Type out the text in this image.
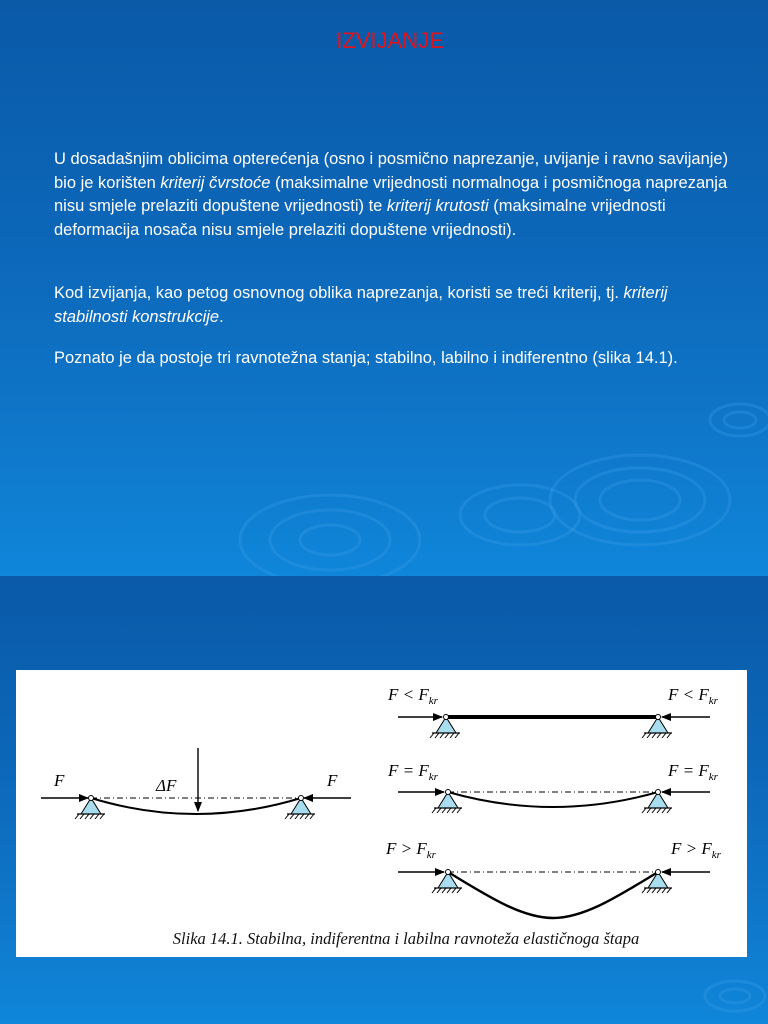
IZVIJANJE

U dosadašnjim oblicima opterećenja (osno i posmično naprezanje, uvijanje i ravno savijanje) bio je korišten kriterij čvrstoće (maksimalne vrijednosti normalnoga i posmičnoga naprezanja nisu smjele prelaziti dopuštene vrijednosti) te kriterij krutosti (maksimalne vrijednosti deformacija nosača nisu smjele prelaziti dopuštene vrijednosti).

Kod izvijanja, kao petog osnovnog oblika naprezanja, koristi se treći kriterij, tj. kriterij stabilnosti konstrukcije.

Poznato je da postoje tri ravnotežna stanja; stabilno, labilno i indiferentno (slika 14.1).

F	ΔF	F
$F < F_{kr}$	$F < F_{kr}$
$F = F_{kr}$	$F = F_{kr}$
$F > F_{kr}$	$F > F_{kr}$
Slika 14.1. Stabilna, indiferentna i labilna ravnoteža elastičnoga štapa
